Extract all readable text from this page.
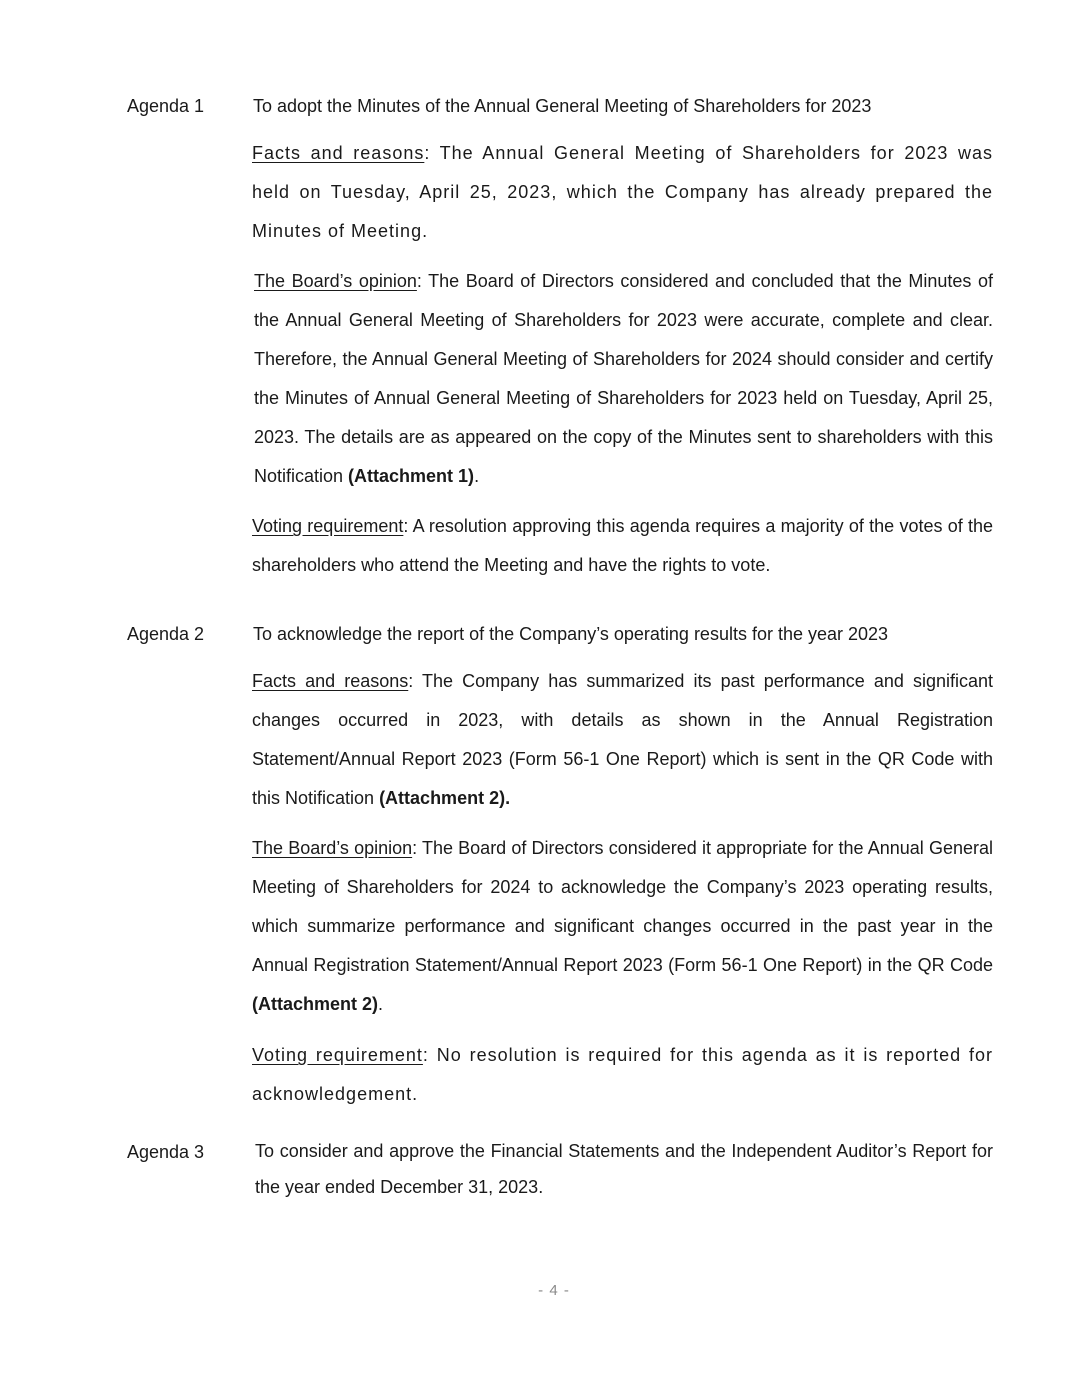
Agenda 1	To adopt the Minutes of the Annual General Meeting of Shareholders for 2023
Facts and reasons: The Annual General Meeting of Shareholders for 2023 was held on Tuesday, April 25, 2023, which the Company has already prepared the Minutes of Meeting.
The Board’s opinion: The Board of Directors considered and concluded that the Minutes of the Annual General Meeting of Shareholders for 2023 were accurate, complete and clear. Therefore, the Annual General Meeting of Shareholders for 2024 should consider and certify the Minutes of Annual General Meeting of Shareholders for 2023 held on Tuesday, April 25, 2023. The details are as appeared on the copy of the Minutes sent to shareholders with this Notification (Attachment 1).
Voting requirement: A resolution approving this agenda requires a majority of the votes of the shareholders who attend the Meeting and have the rights to vote.
Agenda 2	To acknowledge the report of the Company’s operating results for the year 2023
Facts and reasons: The Company has summarized its past performance and significant changes occurred in 2023, with details as shown in the Annual Registration Statement/Annual Report 2023 (Form 56-1 One Report) which is sent in the QR Code with this Notification (Attachment 2).
The Board’s opinion: The Board of Directors considered it appropriate for the Annual General Meeting of Shareholders for 2024 to acknowledge the Company’s 2023 operating results, which summarize performance and significant changes occurred in the past year in the Annual Registration Statement/Annual Report 2023 (Form 56-1 One Report) in the QR Code (Attachment 2).
Voting requirement: No resolution is required for this agenda as it is reported for acknowledgement.
Agenda 3	To consider and approve the Financial Statements and the Independent Auditor’s Report for the year ended December 31, 2023.
- 4 -
